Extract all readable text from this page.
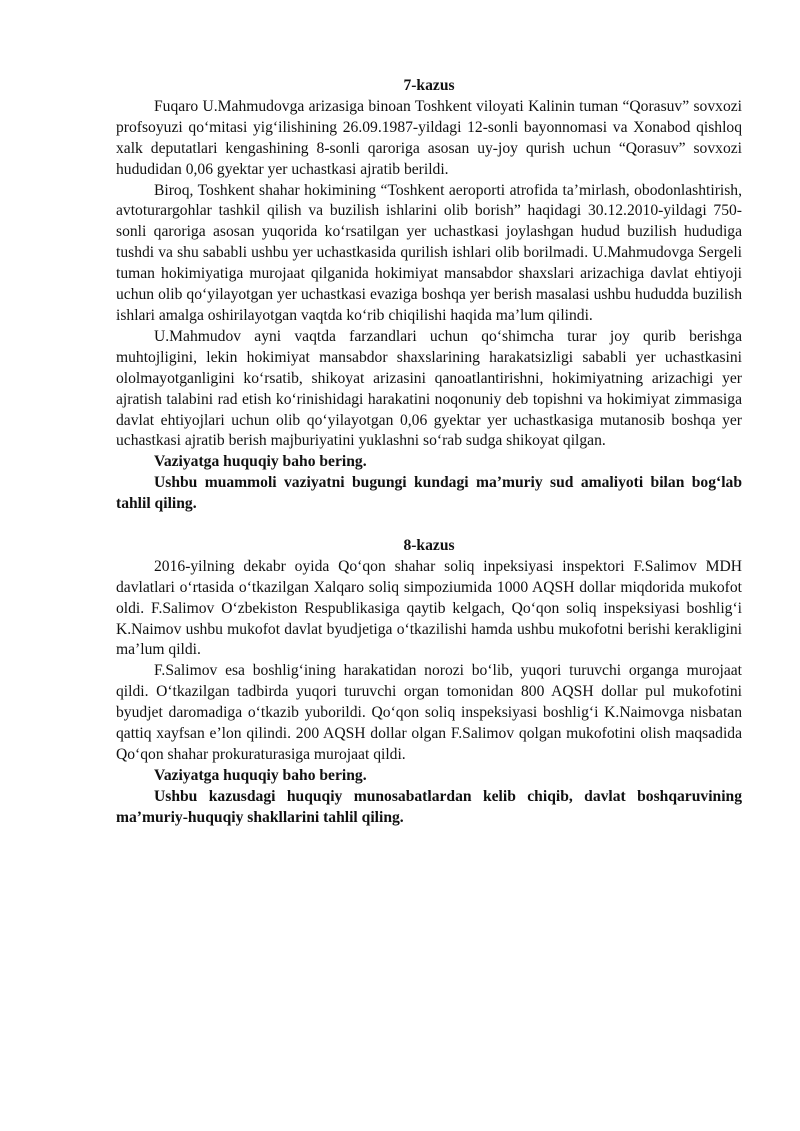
7-kazus

Fuqaro U.Mahmudovga arizasiga binoan Toshkent viloyati Kalinin tuman “Qorasuv” sovxozi profsoyuzi qo‘mitasi yig‘ilishining 26.09.1987-yildagi 12-sonli bayonnomasi va Xonabod qishloq xalk deputatlari kengashining 8-sonli qaroriga asosan uy-joy qurish uchun “Qorasuv” sovxozi hududidan 0,06 gyektar yer uchastkasi ajratib berildi.

Biroq, Toshkent shahar hokimining “Toshkent aeroporti atrofida ta’mirlash, obodonlashtirish, avtoturargohlar tashkil qilish va buzilish ishlarini olib borish” haqidagi 30.12.2010-yildagi 750-sonli qaroriga asosan yuqorida ko‘rsatilgan yer uchastkasi joylashgan hudud buzilish hududiga tushdi va shu sababli ushbu yer uchastkasida qurilish ishlari olib borilmadi. U.Mahmudovga Sergeli tuman hokimiyatiga murojaat qilganida hokimiyat mansabdor shaxslari arizachiga davlat ehtiyoji uchun olib qo‘yilayotgan yer uchastkasi evaziga boshqa yer berish masalasi ushbu hududda buzilish ishlari amalga oshirilayotgan vaqtda ko‘rib chiqilishi haqida ma’lum qilindi.

U.Mahmudov ayni vaqtda farzandlari uchun qo‘shimcha turar joy qurib berishga muhtojligini, lekin hokimiyat mansabdor shaxslarining harakatsizligi sababli yer uchastkasini ololmayotganligini ko‘rsatib, shikoyat arizasini qanoatlantirishni, hokimiyatning arizachigi yer ajratish talabini rad etish ko‘rinishidagi harakatini noqonuniy deb topishni va hokimiyat zimmasiga davlat ehtiyojlari uchun olib qo‘yilayotgan 0,06 gyektar yer uchastkasiga mutanosib boshqa yer uchastkasi ajratib berish majburiyatini yuklashni so‘rab sudga shikoyat qilgan.

Vaziyatga huquqiy baho bering.

Ushbu muammoli vaziyatni bugungi kundagi ma’muriy sud amaliyoti bilan bog‘lab tahlil qiling.

8-kazus

2016-yilning dekabr oyida Qo‘qon shahar soliq inpeksiyasi inspektori F.Salimov MDH davlatlari o‘rtasida o‘tkazilgan Xalqaro soliq simpoziumida 1000 AQSH dollar miqdorida mukofot oldi. F.Salimov O‘zbekiston Respublikasiga qaytib kelgach, Qo‘qon soliq inspeksiyasi boshlig‘i K.Naimov ushbu mukofot davlat byudjetiga o‘tkazilishi hamda ushbu mukofotni berishi kerakligini ma’lum qildi.

F.Salimov esa boshlig‘ining harakatidan norozi bo‘lib, yuqori turuvchi organga murojaat qildi. O‘tkazilgan tadbirda yuqori turuvchi organ tomonidan 800 AQSH dollar pul mukofotini byudjet daromadiga o‘tkazib yuborildi. Qo‘qon soliq inspeksiyasi boshlig‘i K.Naimovga nisbatan qattiq xayfsan e’lon qilindi. 200 AQSH dollar olgan F.Salimov qolgan mukofotini olish maqsadida Qo‘qon shahar prokuraturasiga murojaat qildi.

Vaziyatga huquqiy baho bering.

Ushbu kazusdagi huquqiy munosabatlardan kelib chiqib, davlat boshqaruvining ma’muriy-huquqiy shakllarini tahlil qiling.
